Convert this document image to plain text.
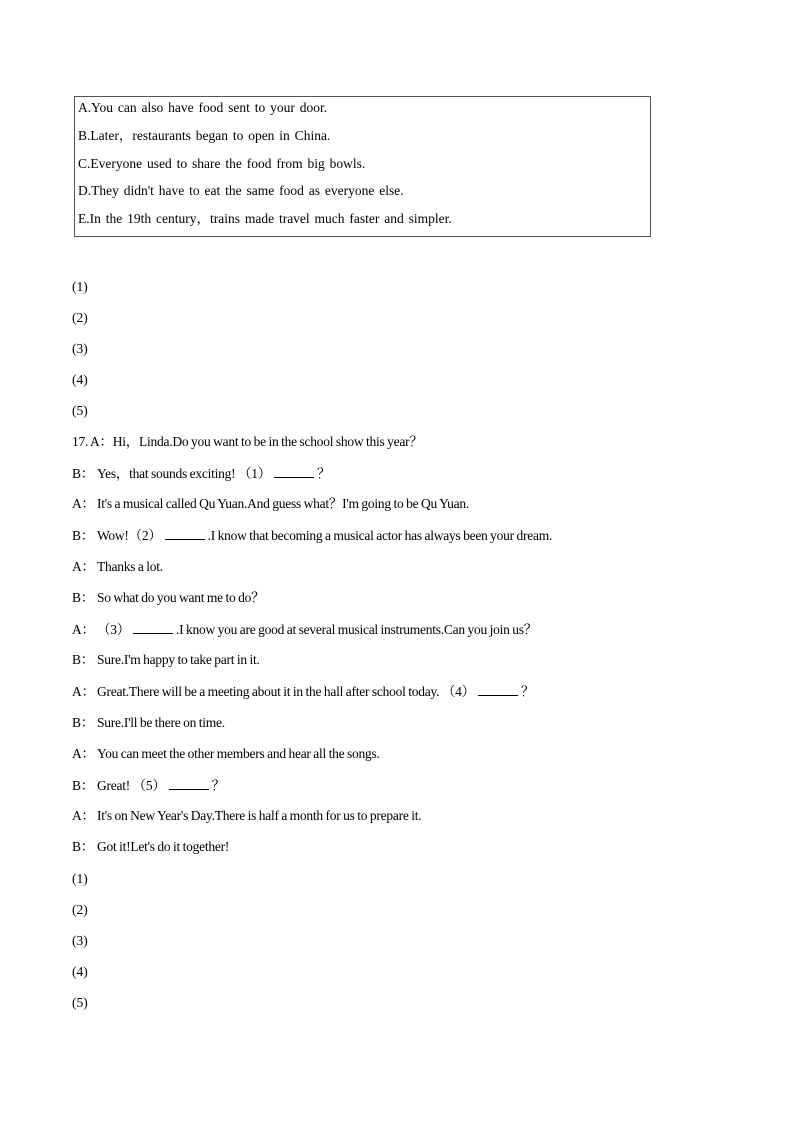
A.You can also have food sent to your door.
B.Later，restaurants began to open in China.
C.Everyone used to share the food from big bowls.
D.They didn't have to eat the same food as everyone else.
E.In the 19th century，trains made travel much faster and simpler.
(1)
(2)
(3)
(4)
(5)
17. A：Hi，Linda.Do you want to be in the school show this year？
B： Yes，that sounds exciting! （1）	？
A： It's a musical called Qu Yuan.And guess what？I'm going to be Qu Yuan.
B： Wow!（2）	.I know that becoming a musical actor has always been your dream.
A： Thanks a lot.
B： So what do you want me to do？
A： （3）	.I know you are good at several musical instruments.Can you join us？
B： Sure.I'm happy to take part in it.
A： Great.There will be a meeting about it in the hall after school today. （4）	？
B： Sure.I'll be there on time.
A： You can meet the other members and hear all the songs.
B： Great! （5）	？
A： It's on New Year's Day.There is half a month for us to prepare it.
B： Got it!Let's do it together!
(1)
(2)
(3)
(4)
(5)
